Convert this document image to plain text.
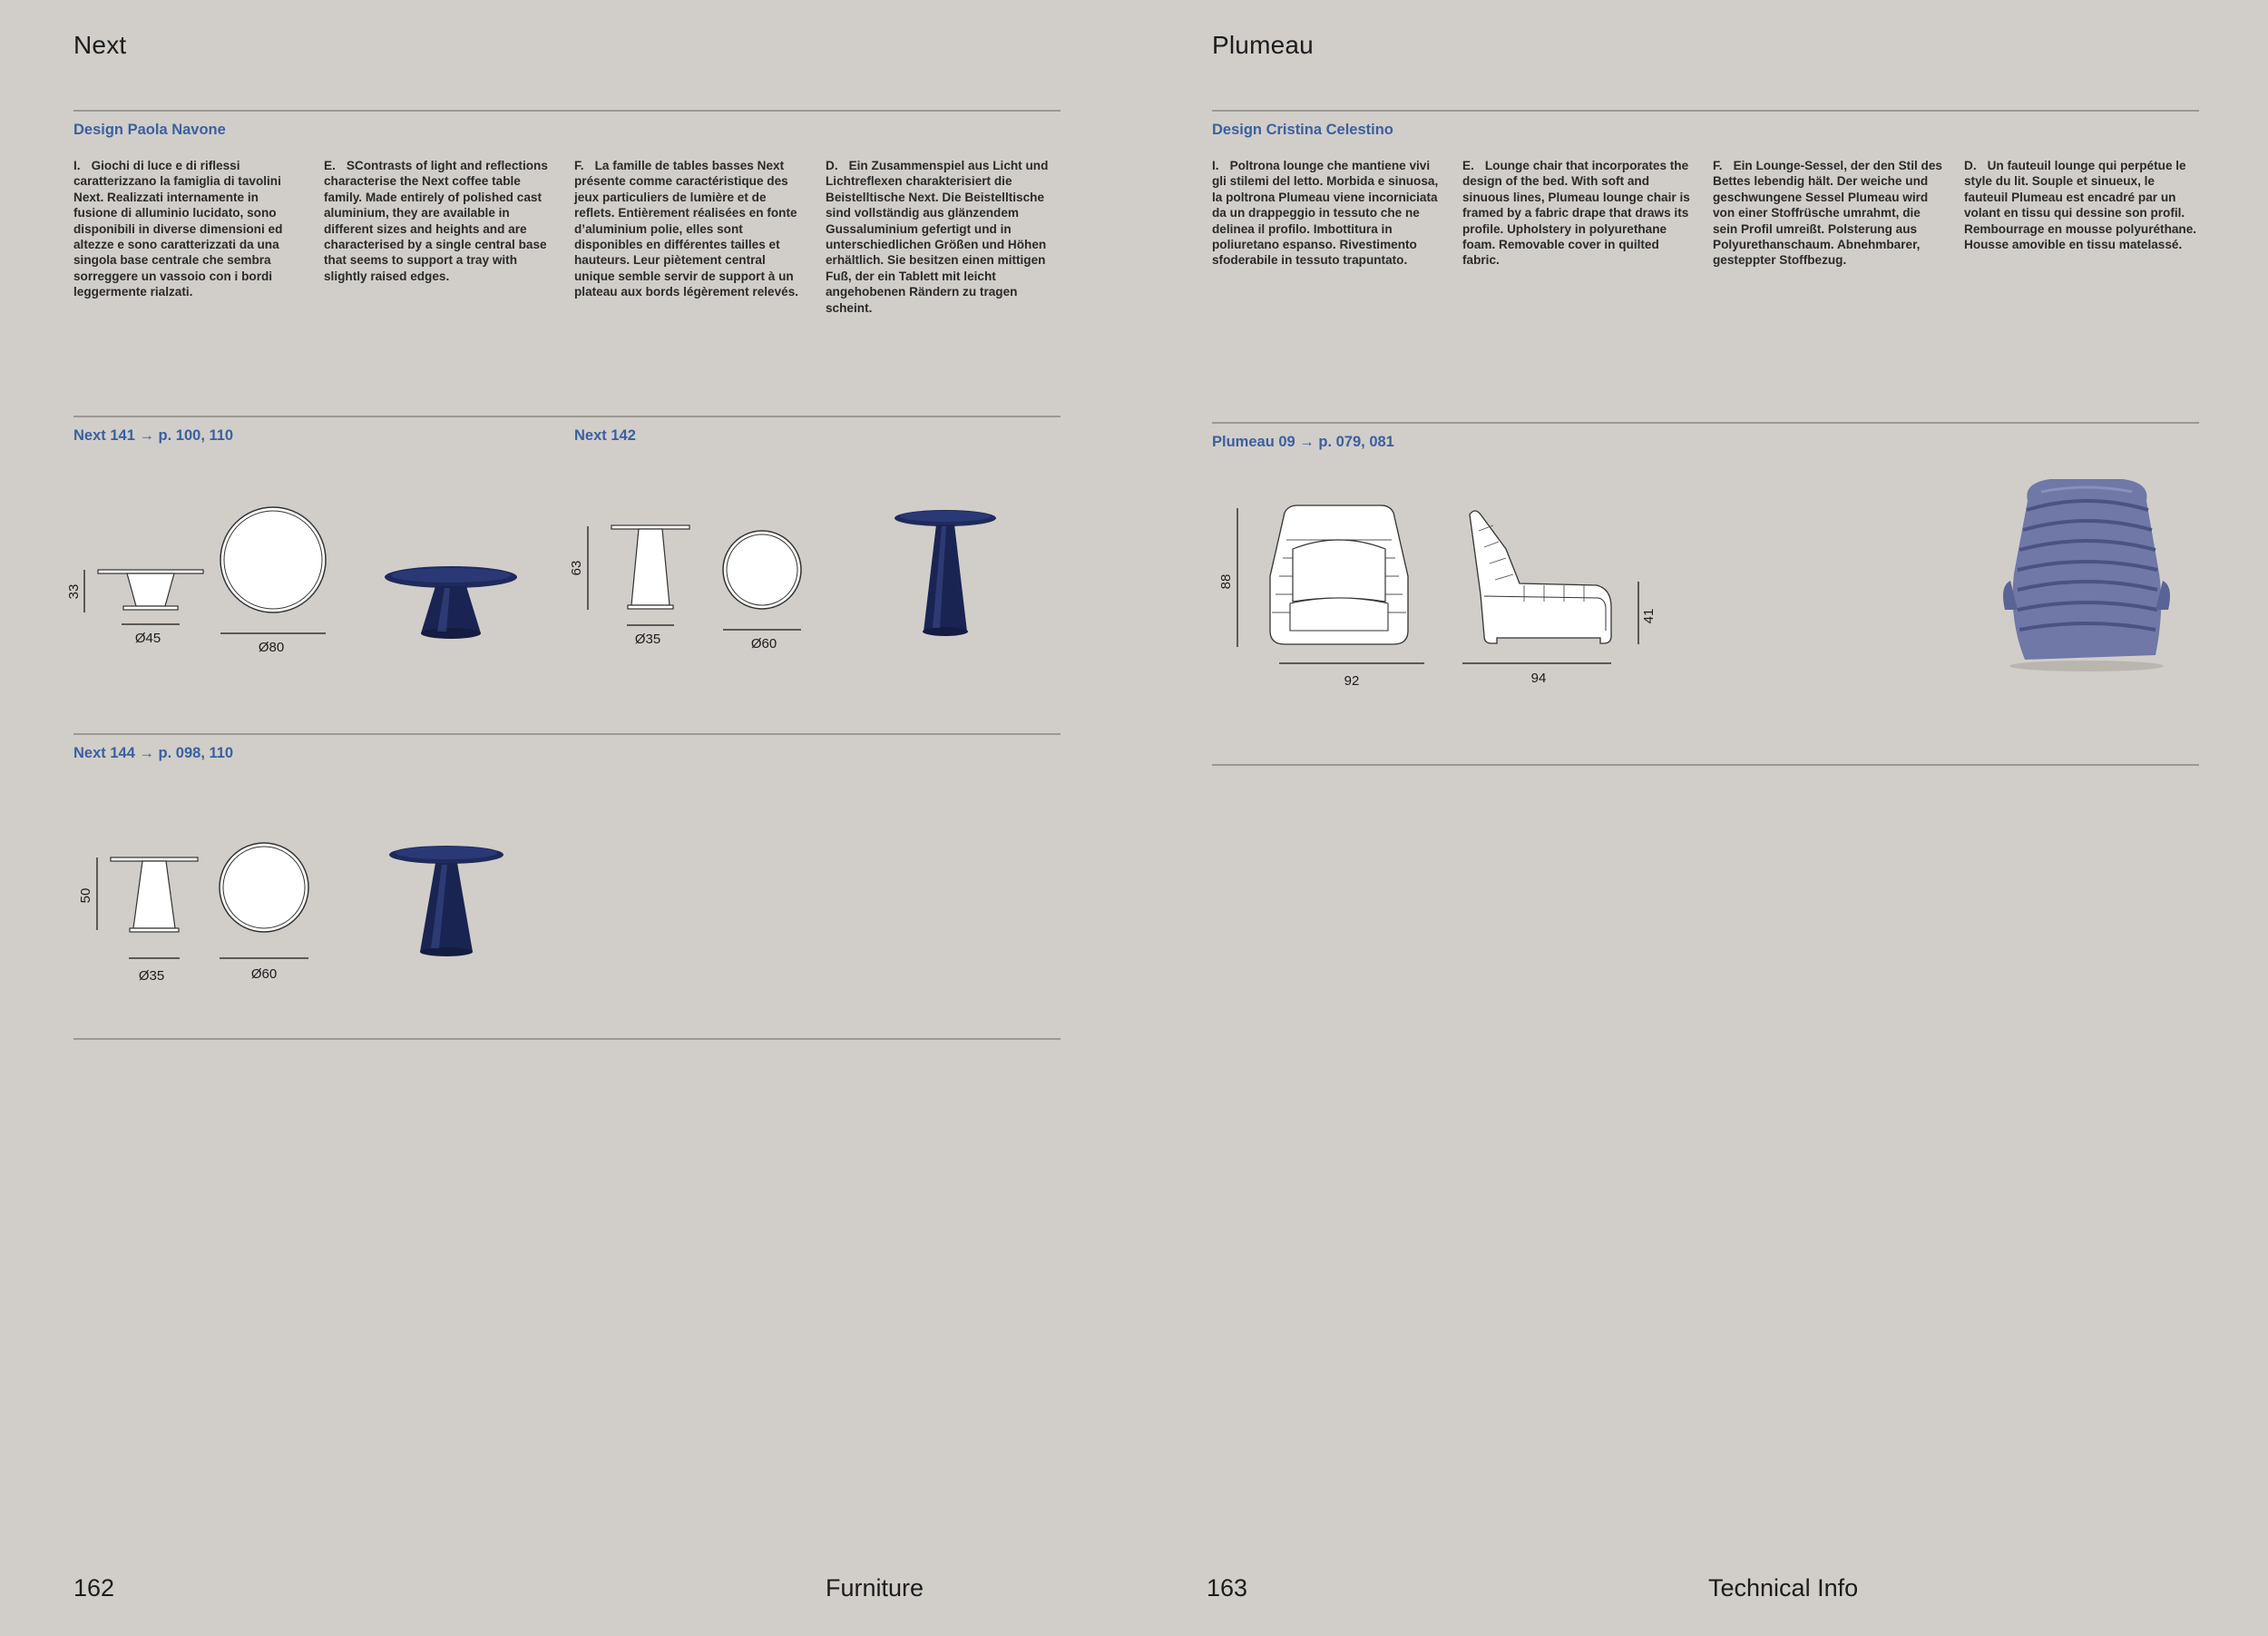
Next
Design Paola Navone
I. Giochi di luce e di riflessi caratterizzano la famiglia di tavolini Next. Realizzati internamente in fusione di alluminio lucidato, sono disponibili in diverse dimensioni ed altezze e sono caratterizzati da una singola base centrale che sembra sorreggere un vassoio con i bordi leggermente rialzati.
E. SContrasts of light and reflections characterise the Next coffee table family. Made entirely of polished cast aluminium, they are available in different sizes and heights and are characterised by a single central base that seems to support a tray with slightly raised edges.
F. La famille de tables basses Next présente comme caractéristique des jeux particuliers de lumière et de reflets. Entièrement réalisées en fonte d’aluminium polie, elles sont disponibles en différentes tailles et hauteurs. Leur piètement central unique semble servir de support à un plateau aux bords légèrement relevés.
D. Ein Zusammenspiel aus Licht und Lichtreflexen charakterisiert die Beistelltische Next. Die Beistelltische sind vollständig aus glänzendem Gussaluminium gefertigt und in unterschiedlichen Größen und Höhen erhältlich. Sie besitzen einen mittigen Fuß, der ein Tablett mit leicht angehobenen Rändern zu tragen scheint.
Next 141 → p. 100, 110
33
Ø45
Ø80
Next 142
63
Ø35	Ø60
Next 144 → p. 098, 110
50
Ø35	Ø60
162	Furniture
Plumeau
Design Cristina Celestino
I. Poltrona lounge che mantiene vivi gli stilemi del letto. Morbida e sinuosa, la poltrona Plumeau viene incorniciata da un drappeggio in tessuto che ne delinea il profilo. Imbottitura in poliuretano espanso. Rivestimento sfoderabile in tessuto trapuntato.
E. Lounge chair that incorporates the design of the bed. With soft and sinuous lines, Plumeau lounge chair is framed by a fabric drape that draws its profile. Upholstery in polyurethane foam. Removable cover in quilted fabric.
F. Ein Lounge-Sessel, der den Stil des Bettes lebendig hält. Der weiche und geschwungene Sessel Plumeau wird von einer Stoffrüsche umrahmt, die sein Profil umreißt. Polsterung aus Polyurethanschaum. Abnehmbarer, gesteppter Stoffbezug.
D. Un fauteuil lounge qui perpétue le style du lit. Souple et sinueux, le fauteuil Plumeau est encadré par un volant en tissu qui dessine son profil. Rembourrage en mousse polyuréthane. Housse amovible en tissu matelassé.
Plumeau 09 → p. 079, 081
88
92	94
41
163	Technical Info
